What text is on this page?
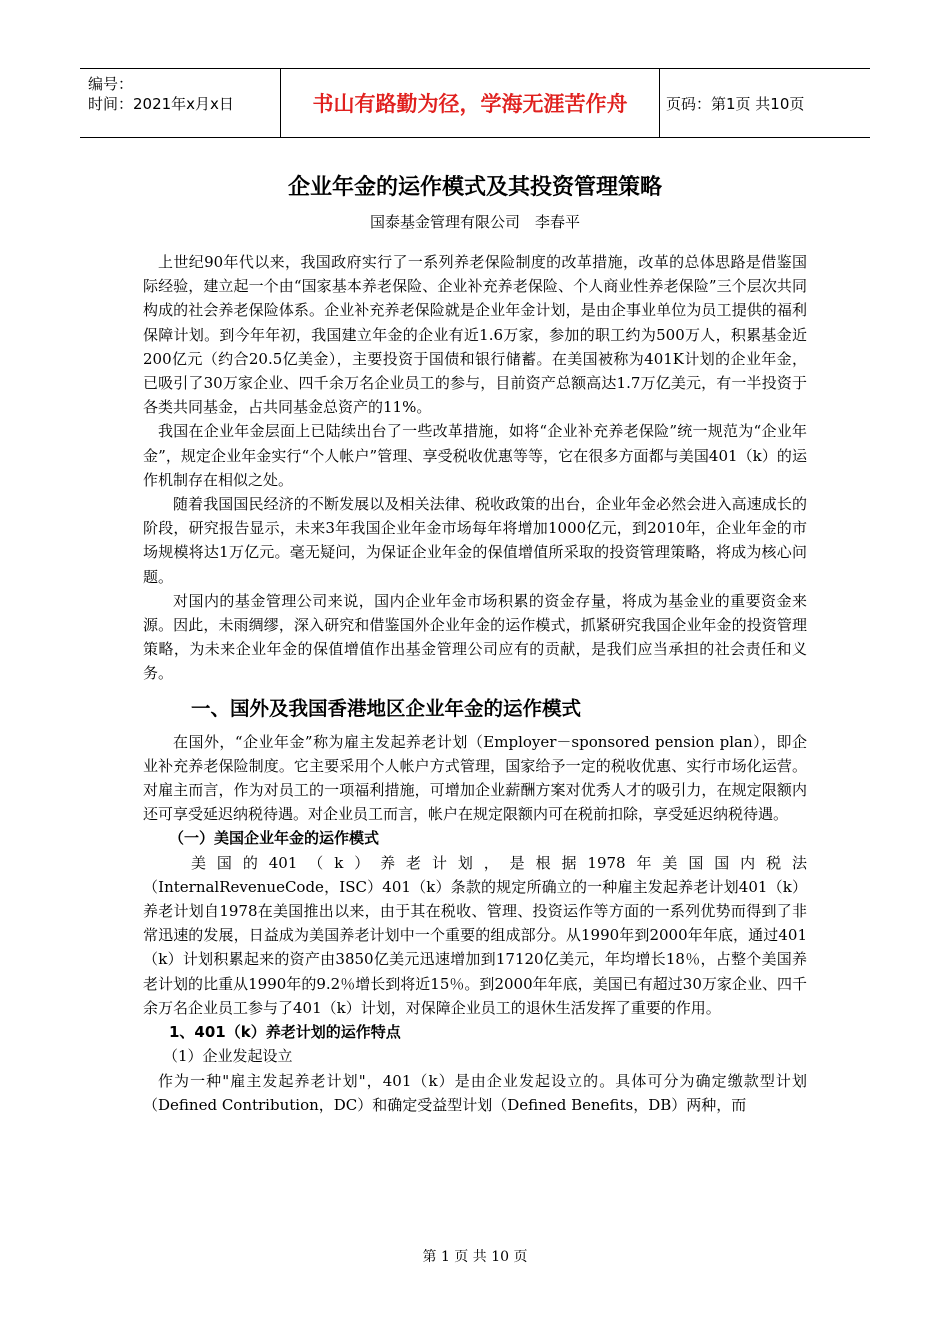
编号：
时间：2021年x月x日	书山有路勤为径，学海无涯苦作舟	页码：第1页 共10页
企业年金的运作模式及其投资管理策略
国泰基金管理有限公司　李春平

上世纪90年代以来，我国政府实行了一系列养老保险制度的改革措施，改革的总体思路是借鉴国际经验，建立起一个由“国家基本养老保险、企业补充养老保险、个人商业性养老保险”三个层次共同构成的社会养老保险体系。企业补充养老保险就是企业年金计划，是由企事业单位为员工提供的福利保障计划。到今年年初，我国建立年金的企业有近1.6万家，参加的职工约为500万人，积累基金近200亿元（约合20.5亿美金），主要投资于国债和银行储蓄。在美国被称为401K计划的企业年金，已吸引了30万家企业、四千余万名企业员工的参与，目前资产总额高达1.7万亿美元，有一半投资于各类共同基金，占共同基金总资产的11%。

我国在企业年金层面上已陆续出台了一些改革措施，如将“企业补充养老保险”统一规范为“企业年金”，规定企业年金实行“个人帐户”管理、享受税收优惠等等，它在很多方面都与美国401（k）的运作机制存在相似之处。

随着我国国民经济的不断发展以及相关法律、税收政策的出台，企业年金必然会进入高速成长的阶段，研究报告显示，未来3年我国企业年金市场每年将增加1000亿元，到2010年，企业年金的市场规模将达1万亿元。毫无疑问，为保证企业年金的保值增值所采取的投资管理策略，将成为核心问题。

对国内的基金管理公司来说，国内企业年金市场积累的资金存量，将成为基金业的重要资金来源。因此，未雨绸缪，深入研究和借鉴国外企业年金的运作模式，抓紧研究我国企业年金的投资管理策略，为未来企业年金的保值增值作出基金管理公司应有的贡献，是我们应当承担的社会责任和义务。

一、国外及我国香港地区企业年金的运作模式

在国外，“企业年金”称为雇主发起养老计划（Employer－sponsored pension plan），即企业补充养老保险制度。它主要采用个人帐户方式管理，国家给予一定的税收优惠、实行市场化运营。对雇主而言，作为对员工的一项福利措施，可增加企业薪酬方案对优秀人才的吸引力，在规定限额内还可享受延迟纳税待遇。对企业员工而言，帐户在规定限额内可在税前扣除，享受延迟纳税待遇。

（一）美国企业年金的运作模式

美国的401（k）养老计划，是根据1978年美国国内税法

（InternalRevenueCode，ISC）401（k）条款的规定所确立的一种雇主发起养老计划401（k）养老计划自1978在美国推出以来，由于其在税收、管理、投资运作等方面的一系列优势而得到了非常迅速的发展，日益成为美国养老计划中一个重要的组成部分。从1990年到2000年年底，通过401（k）计划积累起来的资产由3850亿美元迅速增加到17120亿美元，年均增长18％，占整个美国养老计划的比重从1990年的9.2％增长到将近15％。到2000年年底，美国已有超过30万家企业、四千余万名企业员工参与了401（k）计划，对保障企业员工的退休生活发挥了重要的作用。

1、401（k）养老计划的运作特点

（1）企业发起设立

作为一种"雇主发起养老计划"，401（k）是由企业发起设立的。具体可分为确定缴款型计划（Defined Contribution，DC）和确定受益型计划（Defined Benefits，DB）两种，而

第 1 页 共 10 页
